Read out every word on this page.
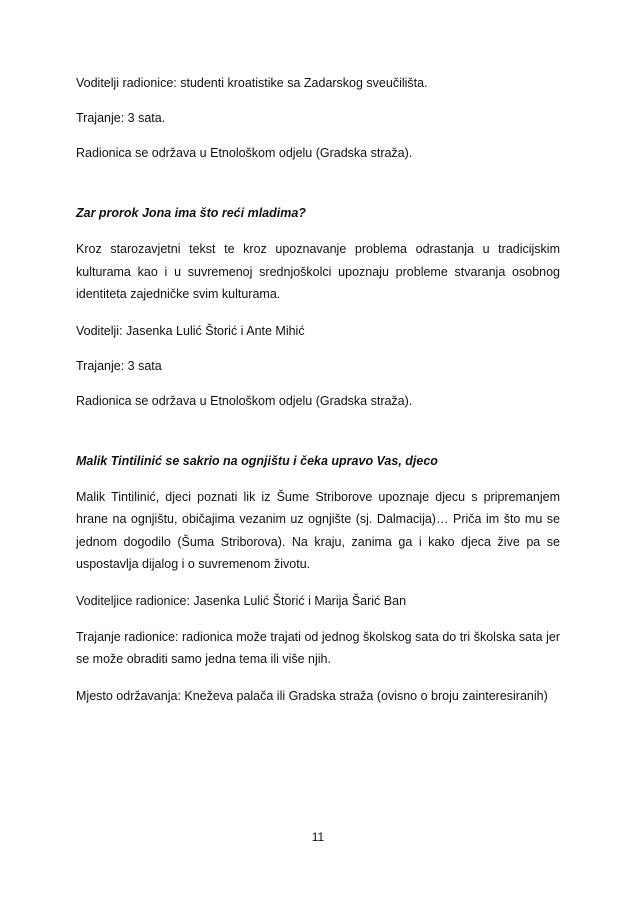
Voditelji radionice: studenti kroatistike sa Zadarskog sveučilišta.

Trajanje: 3 sata.

Radionica se održava u Etnološkom odjelu (Gradska straža).

Zar prorok Jona ima što reći mladima?

Kroz starozavjetni tekst te kroz upoznavanje problema odrastanja u tradicijskim kulturama kao i u suvremenoj srednjoškolci upoznaju probleme stvaranja osobnog identiteta zajedničke svim kulturama.

Voditelji: Jasenka Lulić Štorić i Ante Mihić

Trajanje: 3 sata

Radionica se održava u Etnološkom odjelu (Gradska straža).

Malik Tintilinić se sakrio na ognjištu i čeka upravo Vas, djeco

Malik Tintilinić, djeci poznati lik iz Šume Striborove upoznaje djecu s pripremanjem hrane na ognjištu, običajima vezanim uz ognjište (sj. Dalmacija)… Priča im što mu se jednom dogodilo (Šuma Striborova). Na kraju, zanima ga i kako djeca žive pa se uspostavlja dijalog i o suvremenom životu.

Voditeljice radionice: Jasenka Lulić Štorić i Marija Šarić Ban

Trajanje radionice: radionica može trajati od jednog školskog sata do tri školska sata jer se može obraditi samo jedna tema ili više njih.

Mjesto održavanja: Kneževa palača ili Gradska straža (ovisno o broju zainteresiranih)

11
